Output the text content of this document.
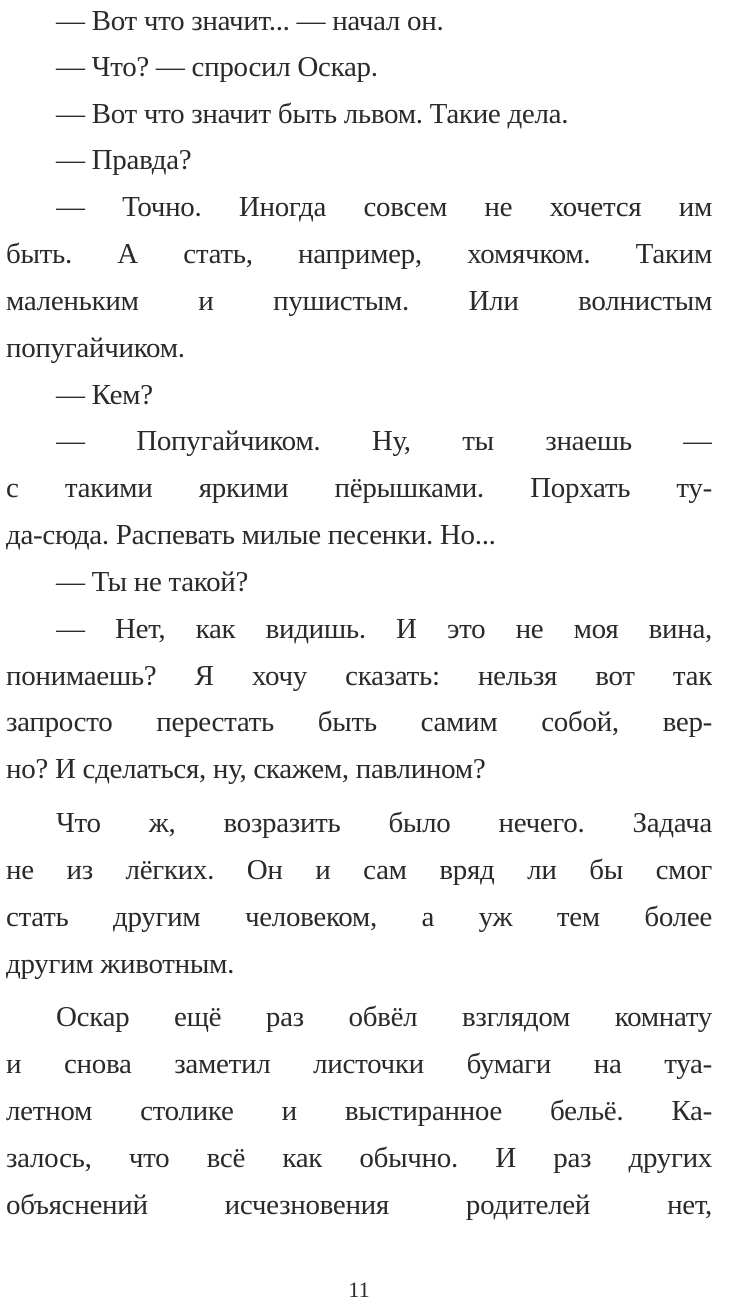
— Вот что значит... — начал он.
— Что? — спросил Оскар.
— Вот что значит быть львом. Такие дела.
— Правда?
— Точно. Иногда совсем не хочется им
быть. А стать, например, хомячком. Таким
маленьким и пушистым. Или волнистым
попугайчиком.
— Кем?
— Попугайчиком. Ну, ты знаешь —
с такими яркими пёрышками. Порхать ту-
да-сюда. Распевать милые песенки. Но...
— Ты не такой?
— Нет, как видишь. И это не моя вина,
понимаешь? Я хочу сказать: нельзя вот так
запросто перестать быть самим собой, вер-
но? И сделаться, ну, скажем, павлином?
Что ж, возразить было нечего. Задача
не из лёгких. Он и сам вряд ли бы смог
стать другим человеком, а уж тем более
другим животным.
Оскар ещё раз обвёл взглядом комнату
и снова заметил листочки бумаги на туа-
летном столике и выстиранное бельё. Ка-
залось, что всё как обычно. И раз других
объяснений исчезновения родителей нет,
11
